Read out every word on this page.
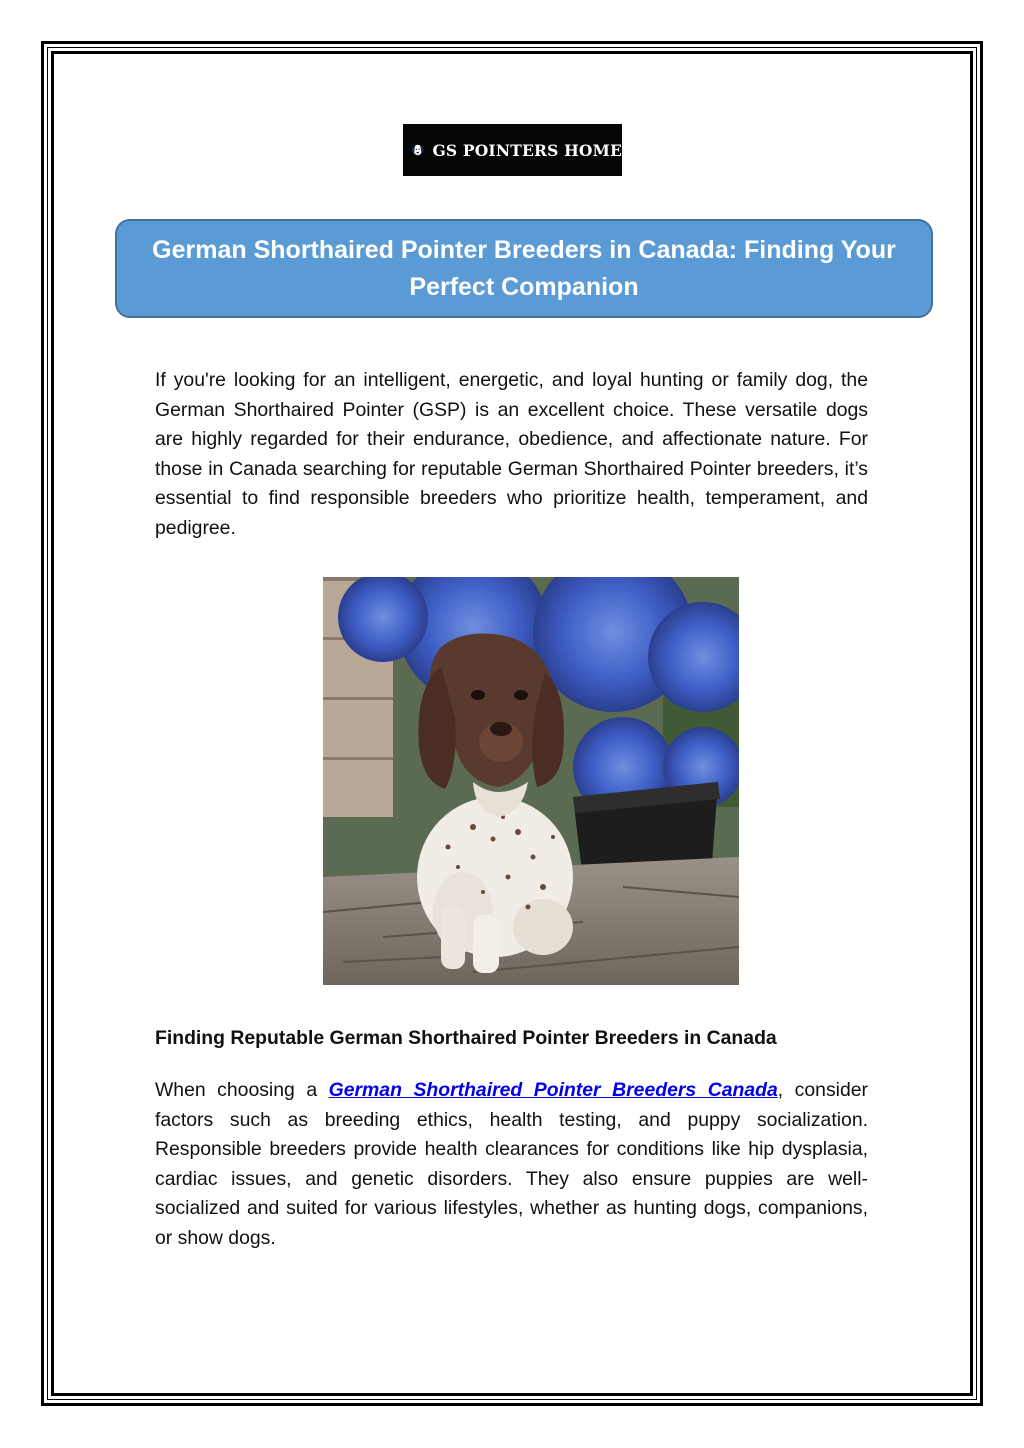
GS POINTERS HOME
German Shorthaired Pointer Breeders in Canada: Finding Your Perfect Companion

If you're looking for an intelligent, energetic, and loyal hunting or family dog, the German Shorthaired Pointer (GSP) is an excellent choice. These versatile dogs are highly regarded for their endurance, obedience, and affectionate nature. For those in Canada searching for reputable German Shorthaired Pointer breeders, it’s essential to find responsible breeders who prioritize health, temperament, and pedigree.

Finding Reputable German Shorthaired Pointer Breeders in Canada

When choosing a German Shorthaired Pointer Breeders Canada, consider factors such as breeding ethics, health testing, and puppy socialization. Responsible breeders provide health clearances for conditions like hip dysplasia, cardiac issues, and genetic disorders. They also ensure puppies are well-socialized and suited for various lifestyles, whether as hunting dogs, companions, or show dogs.
